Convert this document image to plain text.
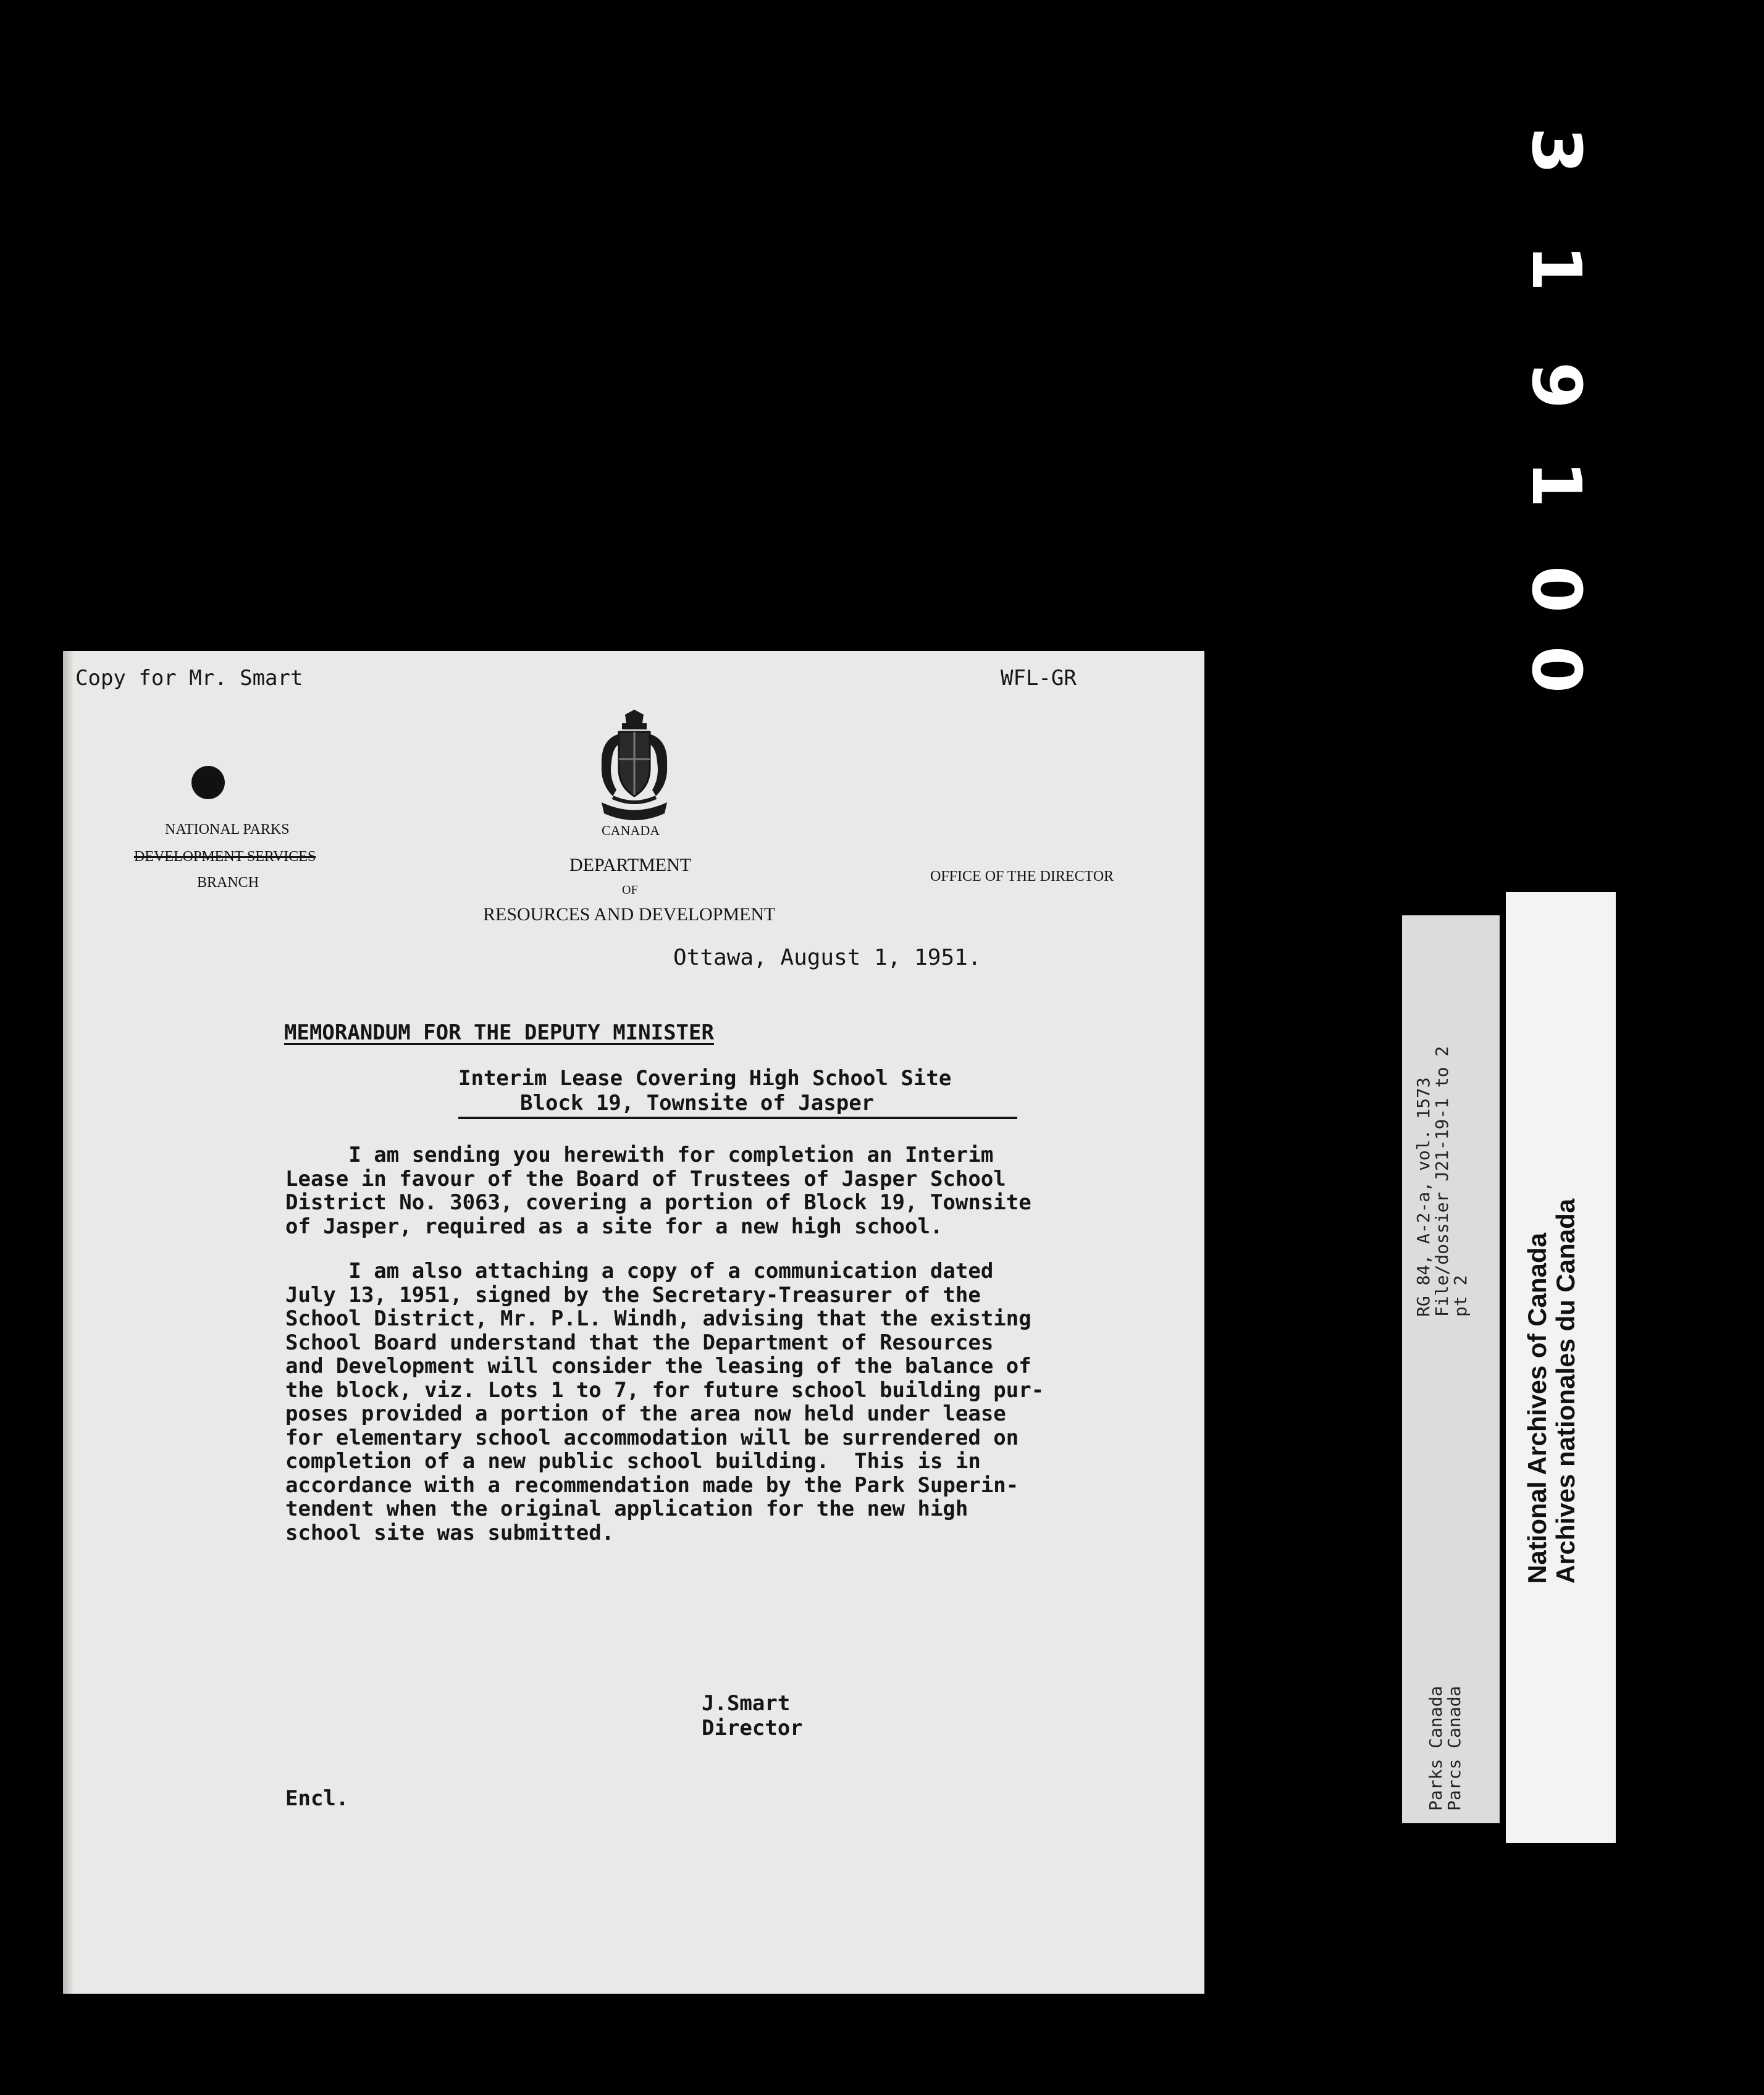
0
0
1
9
1
3
Copy for Mr. Smart	WFL-GR
NATIONAL PARKS
DEVELOPMENT SERVICES
BRANCH
CANADA
DEPARTMENT
OF
RESOURCES AND DEVELOPMENT
OFFICE OF THE DIRECTOR
Ottawa, August 1, 1951.
MEMORANDUM FOR THE DEPUTY MINISTER
Interim Lease Covering High School Site
Block 19, Townsite of Jasper
I am sending you herewith for completion an Interim
Lease in favour of the Board of Trustees of Jasper School
District No. 3063, covering a portion of Block 19, Townsite
of Jasper, required as a site for a new high school.
I am also attaching a copy of a communication dated
July 13, 1951, signed by the Secretary-Treasurer of the
School District, Mr. P.L. Windh, advising that the existing
School Board understand that the Department of Resources
and Development will consider the leasing of the balance of
the block, viz. Lots 1 to 7, for future school building pur-
poses provided a portion of the area now held under lease
for elementary school accommodation will be surrendered on
completion of a new public school building.  This is in
accordance with a recommendation made by the Park Superin-
tendent when the original application for the new high
school site was submitted.
J.Smart
Director
Encl.
RG 84, A-2-a, vol. 1573
File/dossier J21-19-1 to 2
pt 2
Parks Canada
Parcs Canada
National Archives of Canada
Archives nationales du Canada
